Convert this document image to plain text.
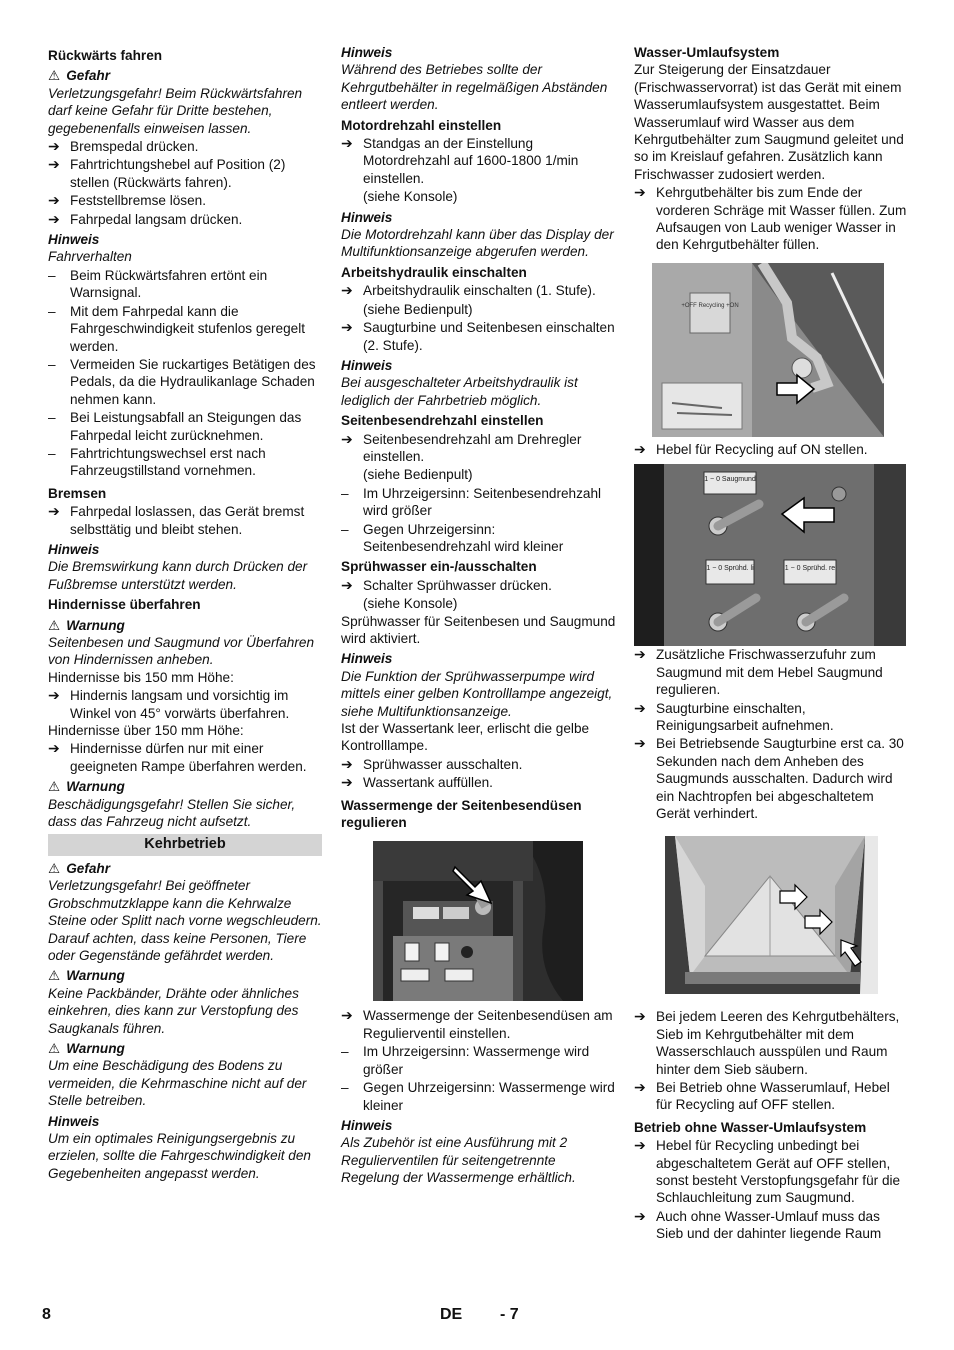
Rückwärts fahren
⚠ Gefahr
Verletzungsgefahr! Beim Rückwärtsfahren darf keine Gefahr für Dritte bestehen, gegebenenfalls einweisen lassen.
➔ Bremspedal drücken.
➔ Fahrtrichtungshebel auf Position (2) stellen (Rückwärts fahren).
➔ Feststellbremse lösen.
➔ Fahrpedal langsam drücken.
Hinweis
Fahrverhalten
–	Beim Rückwärtsfahren ertönt ein Warnsignal.
–	Mit dem Fahrpedal kann die Fahrgeschwindigkeit stufenlos geregelt werden.
–	Vermeiden Sie ruckartiges Betätigen des Pedals, da die Hydraulikanlage Schaden nehmen kann.
–	Bei Leistungsabfall an Steigungen das Fahrpedal leicht zurücknehmen.
–	Fahrtrichtungswechsel erst nach Fahrzeugstillstand vornehmen.
Bremsen
➔ Fahrpedal loslassen, das Gerät bremst selbsttätig und bleibt stehen.
Hinweis
Die Bremswirkung kann durch Drücken der Fußbremse unterstützt werden.
Hindernisse überfahren
⚠ Warnung
Seitenbesen und Saugmund vor Überfahren von Hindernissen anheben.
Hindernisse bis 150 mm Höhe:
➔ Hindernis langsam und vorsichtig im Winkel von 45° vorwärts überfahren.
Hindernisse über 150 mm Höhe:
➔ Hindernisse dürfen nur mit einer geeigneten Rampe überfahren werden.
⚠ Warnung
Beschädigungsgefahr! Stellen Sie sicher, dass das Fahrzeug nicht aufsetzt.
Kehrbetrieb
⚠ Gefahr
Verletzungsgefahr! Bei geöffneter Grobschmutzklappe kann die Kehrwalze Steine oder Splitt nach vorne wegschleudern. Darauf achten, dass keine Personen, Tiere oder Gegenstände gefährdet werden.
⚠ Warnung
Keine Packbänder, Drähte oder ähnliches einkehren, dies kann zur Verstopfung des Saugkanals führen.
⚠ Warnung
Um eine Beschädigung des Bodens zu vermeiden, die Kehrmaschine nicht auf der Stelle betreiben.
Hinweis
Um ein optimales Reinigungsergebnis zu erzielen, sollte die Fahrgeschwindigkeit den Gegebenheiten angepasst werden.
Hinweis
Während des Betriebes sollte der Kehrgutbehälter in regelmäßigen Abständen entleert werden.
Motordrehzahl einstellen
➔ Standgas an der Einstellung Motordrehzahl auf 1600-1800 1/min einstellen.
(siehe Konsole)
Hinweis
Die Motordrehzahl kann über das Display der Multifunktionsanzeige abgerufen werden.
Arbeitshydraulik einschalten
➔ Arbeitshydraulik einschalten (1. Stufe).
(siehe Bedienpult)
➔ Saugturbine und Seitenbesen einschalten (2. Stufe).
Hinweis
Bei ausgeschalteter Arbeitshydraulik ist lediglich der Fahrbetrieb möglich.
Seitenbesendrehzahl einstellen
➔ Seitenbesendrehzahl am Drehregler einstellen.
(siehe Bedienpult)
–	Im Uhrzeigersinn: Seitenbesendrehzahl wird größer
–	Gegen Uhrzeigersinn: Seitenbesendrehzahl wird kleiner
Sprühwasser ein-/ausschalten
➔ Schalter Sprühwasser drücken.
(siehe Konsole)
Sprühwasser für Seitenbesen und Saugmund wird aktiviert.
Hinweis
Die Funktion der Sprühwasserpumpe wird mittels einer gelben Kontrolllampe angezeigt, siehe Multifunktionsanzeige.
Ist der Wassertank leer, erlischt die gelbe Kontrolllampe.
➔ Sprühwasser ausschalten.
➔ Wassertank auffüllen.
Wassermenge der Seitenbesendüsen regulieren
➔ Wassermenge der Seitenbesendüsen am Regulierventil einstellen.
–	Im Uhrzeigersinn: Wassermenge wird größer
–	Gegen Uhrzeigersinn: Wassermenge wird kleiner
Hinweis
Als Zubehör ist eine Ausführung mit 2 Regulierventilen für seitengetrennte Regelung der Wassermenge erhältlich.
Wasser-Umlaufsystem
Zur Steigerung der Einsatzdauer (Frischwasservorrat) ist das Gerät mit einem Wasserumlaufsystem ausgestattet. Beim Wasserumlauf wird Wasser aus dem Kehrgutbehälter zum Saugmund geleitet und so im Kreislauf gefahren. Zusätzlich kann Frischwasser zudosiert werden.
➔ Kehrgutbehälter bis zum Ende der vorderen Schräge mit Wasser füllen. Zum Aufsaugen von Laub weniger Wasser in den Kehrgutbehälter füllen.
+OFF Recycling +ON
➔ Hebel für Recycling auf ON stellen.
1 − 0 Saugmund
1 − 0 Sprühd. li	1 − 0 Sprühd. re
➔ Zusätzliche Frischwasserzufuhr zum Saugmund mit dem Hebel Saugmund regulieren.
➔ Saugturbine einschalten, Reinigungsarbeit aufnehmen.
➔ Bei Betriebsende Saugturbine erst ca. 30 Sekunden nach dem Anheben des Saugmunds ausschalten. Dadurch wird ein Nachtropfen bei abgeschaltetem Gerät verhindert.
➔ Bei jedem Leeren des Kehrgutbehälters, Sieb im Kehrgutbehälter mit dem Wasserschlauch ausspülen und Raum hinter dem Sieb säubern.
➔ Bei Betrieb ohne Wasserumlauf, Hebel für Recycling auf OFF stellen.
Betrieb ohne Wasser-Umlaufsystem
➔ Hebel für Recycling unbedingt bei abgeschaltetem Gerät auf OFF stellen, sonst besteht Verstopfungsgefahr für die Schlauchleitung zum Saugmund.
➔ Auch ohne Wasser-Umlauf muss das Sieb und der dahinter liegende Raum
8	DE - 7
